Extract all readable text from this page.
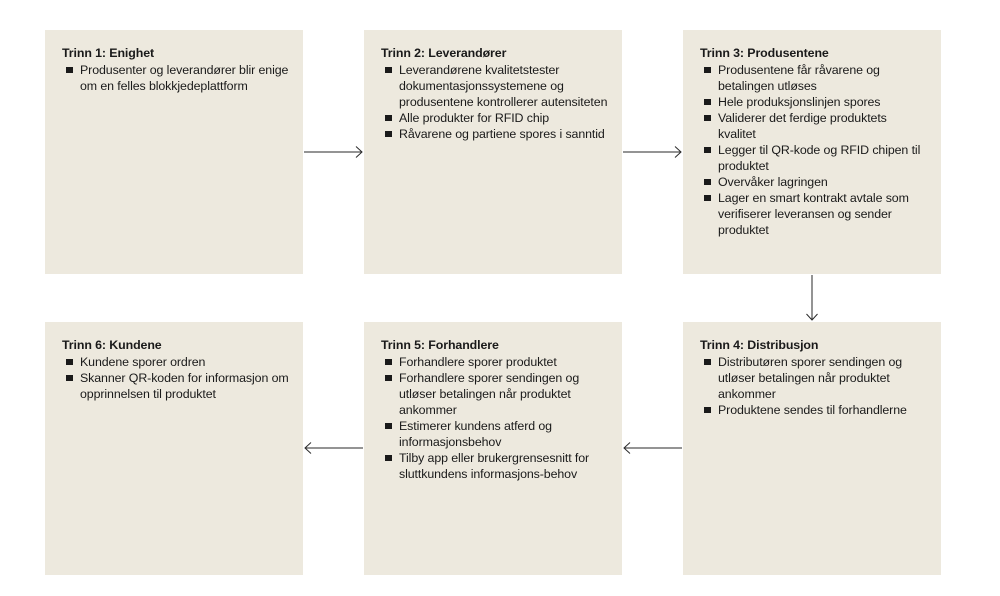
Trinn 1: Enighet
Produsenter og leverandører blir enige om en felles blokkjedeplattform
Trinn 2: Leverandører
Leverandørene kvalitetstester dokumentasjonssystemene og produsentene kontrollerer autensiteten
Alle produkter for RFID chip
Råvarene og partiene spores i sanntid
Trinn 3: Produsentene
Produsentene får råvarene og betalingen utløses
Hele produksjonslinjen spores
Validerer det ferdige produktets kvalitet
Legger til QR-kode og RFID chipen til produktet
Overvåker lagringen
Lager en smart kontrakt avtale som verifiserer leveransen og sender produktet
Trinn 4: Distribusjon
Distributøren sporer sendingen og utløser betalingen når produktet ankommer
Produktene sendes til forhandlerne
Trinn 5: Forhandlere
Forhandlere sporer produktet
Forhandlere sporer sendingen og utløser betalingen når produktet ankommer
Estimerer kundens atferd og informasjonsbehov
Tilby app eller brukergrensesnitt for sluttkundens informasjons-behov
Trinn 6: Kundene
Kundene sporer ordren
Skanner QR-koden for informasjon om opprinnelsen til produktet
